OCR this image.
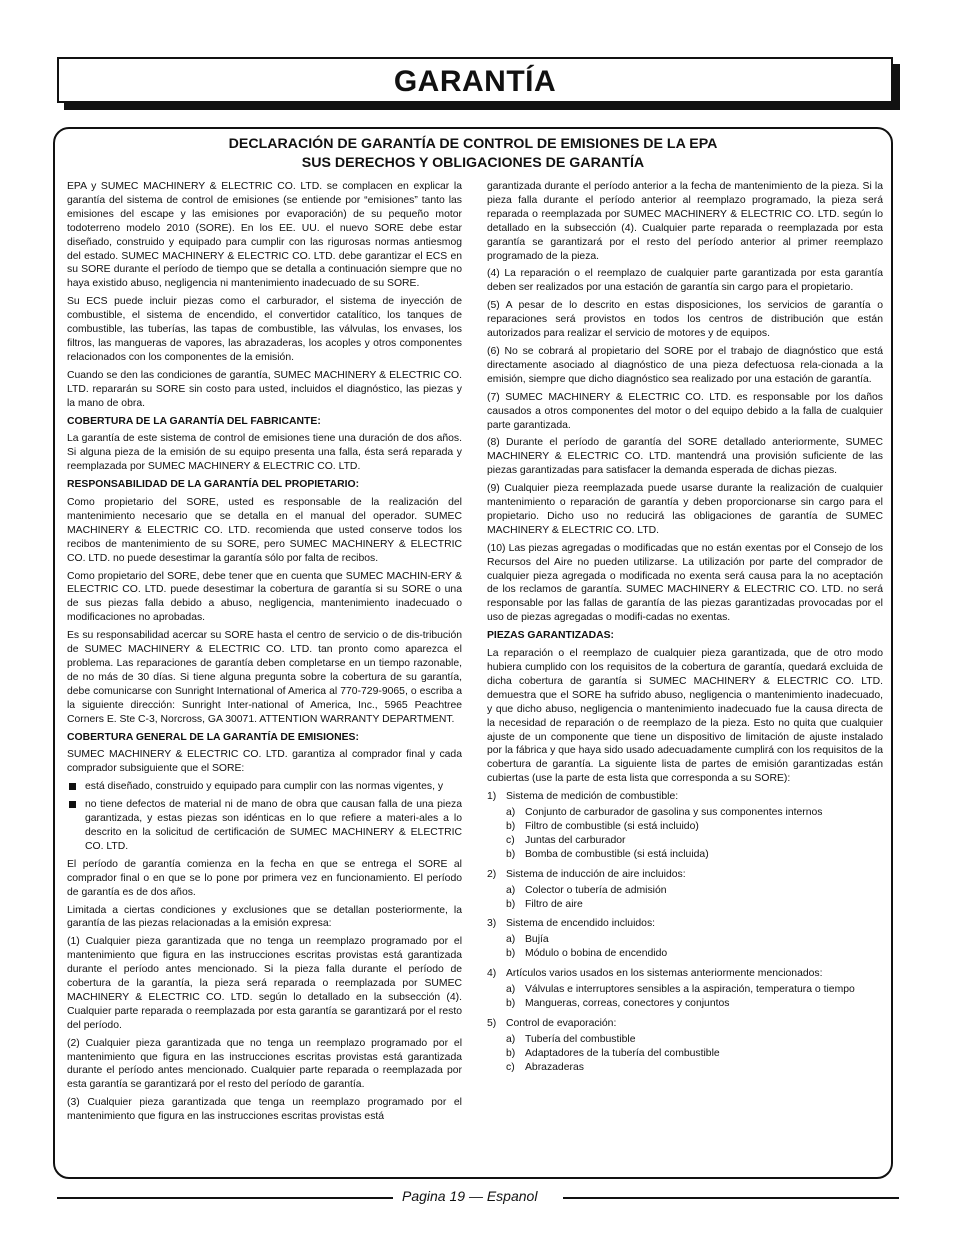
GARANTÍA
DECLARACIÓN DE GARANTÍA DE CONTROL DE EMISIONES DE LA EPA
SUS DERECHOS Y OBLIGACIONES DE GARANTÍA

EPA y SUMEC MACHINERY & ELECTRIC CO. LTD. se complacen en explicar la garantía del sistema de control de emisiones (se entiende por “emisiones” tanto las emisiones del escape y las emisiones por evaporación) de su pequeño motor todoterreno modelo 2010 (SORE). En los EE. UU. el nuevo SORE debe estar diseñado, construido y equipado para cumplir con las rigurosas normas antiesmog del estado. SUMEC MACHINERY & ELECTRIC CO. LTD. debe garantizar el ECS en su SORE durante el período de tiempo que se detalla a continuación siempre que no haya existido abuso, negligencia ni mantenimiento inadecuado de su SORE.

Su ECS puede incluir piezas como el carburador, el sistema de inyección de combustible, el sistema de encendido, el convertidor catalítico, los tanques de combustible, las tuberías, las tapas de combustible, las válvulas, los envases, los filtros, las mangueras de vapores, las abrazaderas, los acoples y otros componentes relacionados con los componentes de la emisión.

Cuando se den las condiciones de garantía, SUMEC MACHINERY & ELECTRIC CO. LTD. repararán su SORE sin costo para usted, incluidos el diagnóstico, las piezas y la mano de obra.

COBERTURA DE LA GARANTÍA DEL FABRICANTE:

La garantía de este sistema de control de emisiones tiene una duración de dos años. Si alguna pieza de la emisión de su equipo presenta una falla, ésta será reparada y reemplazada por SUMEC MACHINERY & ELECTRIC CO. LTD.

RESPONSABILIDAD DE LA GARANTÍA DEL PROPIETARIO:

Como propietario del SORE, usted es responsable de la realización del mantenimiento necesario que se detalla en el manual del operador. SUMEC MACHINERY & ELECTRIC CO. LTD. recomienda que usted conserve todos los recibos de mantenimiento de su SORE, pero SUMEC MACHINERY & ELECTRIC CO. LTD. no puede desestimar la garantía sólo por falta de recibos.

Como propietario del SORE, debe tener que en cuenta que SUMEC MACHIN-ERY & ELECTRIC CO. LTD. puede desestimar la cobertura de garantía si su SORE o una de sus piezas falla debido a abuso, negligencia, mantenimiento inadecuado o modificaciones no aprobadas.

Es su responsabilidad acercar su SORE hasta el centro de servicio o de dis-tribución de SUMEC MACHINERY & ELECTRIC CO. LTD. tan pronto como aparezca el problema. Las reparaciones de garantía deben completarse en un tiempo razonable, de no más de 30 días. Si tiene alguna pregunta sobre la cobertura de su garantía, debe comunicarse con Sunright International of America al 770-729-9065, o escriba a la siguiente dirección: Sunright Inter-national of America, Inc., 5965 Peachtree Corners E. Ste C-3, Norcross, GA 30071. ATTENTION WARRANTY DEPARTMENT.

COBERTURA GENERAL DE LA GARANTÍA DE EMISIONES:

SUMEC MACHINERY & ELECTRIC CO. LTD. garantiza al comprador final y cada comprador subsiguiente que el SORE:

está diseñado, construido y equipado para cumplir con las normas vigentes, y
no tiene defectos de material ni de mano de obra que causan falla de una pieza garantizada, y estas piezas son idénticas en lo que refiere a materi-ales a lo descrito en la solicitud de certificación de SUMEC MACHINERY & ELECTRIC CO. LTD.

El período de garantía comienza en la fecha en que se entrega el SORE al comprador final o en que se lo pone por primera vez en funcionamiento. El período de garantía es de dos años.

Limitada a ciertas condiciones y exclusiones que se detallan posteriormente, la garantía de las piezas relacionadas a la emisión expresa:

(1) Cualquier pieza garantizada que no tenga un reemplazo programado por el mantenimiento que figura en las instrucciones escritas provistas está garantizada durante el período antes mencionado. Si la pieza falla durante el período de cobertura de la garantía, la pieza será reparada o reemplazada por SUMEC MACHINERY & ELECTRIC CO. LTD. según lo detallado en la subsección (4). Cualquier parte reparada o reemplazada por esta garantía se garantizará por el resto del período.

(2) Cualquier pieza garantizada que no tenga un reemplazo programado por el mantenimiento que figura en las instrucciones escritas provistas está garantizada durante el período antes mencionado. Cualquier parte reparada o reemplazada por esta garantía se garantizará por el resto del período de garantía.

(3) Cualquier pieza garantizada que tenga un reemplazo programado por el mantenimiento que figura en las instrucciones escritas provistas está

garantizada durante el período anterior a la fecha de mantenimiento de la pieza. Si la pieza falla durante el período anterior al reemplazo programado, la pieza será reparada o reemplazada por SUMEC MACHINERY & ELECTRIC CO. LTD. según lo detallado en la subsección (4). Cualquier parte reparada o reemplazada por esta garantía se garantizará por el resto del período anterior al primer reemplazo programado de la pieza.

(4) La reparación o el reemplazo de cualquier parte garantizada por esta garantía deben ser realizados por una estación de garantía sin cargo para el propietario.

(5) A pesar de lo descrito en estas disposiciones, los servicios de garantía o reparaciones será provistos en todos los centros de distribución que están autorizados para realizar el servicio de motores y de equipos.

(6) No se cobrará al propietario del SORE por el trabajo de diagnóstico que está directamente asociado al diagnóstico de una pieza defectuosa rela-cionada a la emisión, siempre que dicho diagnóstico sea realizado por una estación de garantía.

(7) SUMEC MACHINERY & ELECTRIC CO. LTD. es responsable por los daños causados a otros componentes del motor o del equipo debido a la falla de cualquier parte garantizada.

(8) Durante el período de garantía del SORE detallado anteriormente, SUMEC MACHINERY & ELECTRIC CO. LTD. mantendrá una provisión suficiente de las piezas garantizadas para satisfacer la demanda esperada de dichas piezas.

(9) Cualquier pieza reemplazada puede usarse durante la realización de cualquier mantenimiento o reparación de garantía y deben proporcionarse sin cargo para el propietario. Dicho uso no reducirá las obligaciones de garantía de SUMEC MACHINERY & ELECTRIC CO. LTD.

(10) Las piezas agregadas o modificadas que no están exentas por el Consejo de los Recursos del Aire no pueden utilizarse. La utilización por parte del comprador de cualquier pieza agregada o modificada no exenta será causa para la no aceptación de los reclamos de garantía. SUMEC MACHINERY & ELECTRIC CO. LTD. no será responsable por las fallas de garantía de las piezas garantizadas provocadas por el uso de piezas agregadas o modifi-cadas no exentas.

PIEZAS GARANTIZADAS:

La reparación o el reemplazo de cualquier pieza garantizada, que de otro modo hubiera cumplido con los requisitos de la cobertura de garantía, quedará excluida de dicha cobertura de garantía si SUMEC MACHINERY & ELECTRIC CO. LTD. demuestra que el SORE ha sufrido abuso, negligencia o mantenimiento inadecuado, y que dicho abuso, negligencia o mantenimiento inadecuado fue la causa directa de la necesidad de reparación o de reemplazo de la pieza. Esto no quita que cualquier ajuste de un componente que tiene un dispositivo de limitación de ajuste instalado por la fábrica y que haya sido usado adecuadamente cumplirá con los requisitos de la cobertura de garantía. La siguiente lista de partes de emisión garantizadas están cubiertas (use la parte de esta lista que corresponda a su SORE):

1) Sistema de medición de combustible:
a) Conjunto de carburador de gasolina y sus componentes internos
b) Filtro de combustible (si está incluido)
c) Juntas del carburador
b) Bomba de combustible (si está incluida)
2) Sistema de inducción de aire incluidos:
a) Colector o tubería de admisión
b) Filtro de aire
3) Sistema de encendido incluidos:
a) Bujía
b) Módulo o bobina de encendido
4) Artículos varios usados en los sistemas anteriormente mencionados:
a) Válvulas e interruptores sensibles a la aspiración, temperatura o tiempo
b) Mangueras, correas, conectores y conjuntos
5) Control de evaporación:
a) Tubería del combustible
b) Adaptadores de la tubería del combustible
c) Abrazaderas
Pagina 19 — Espanol
